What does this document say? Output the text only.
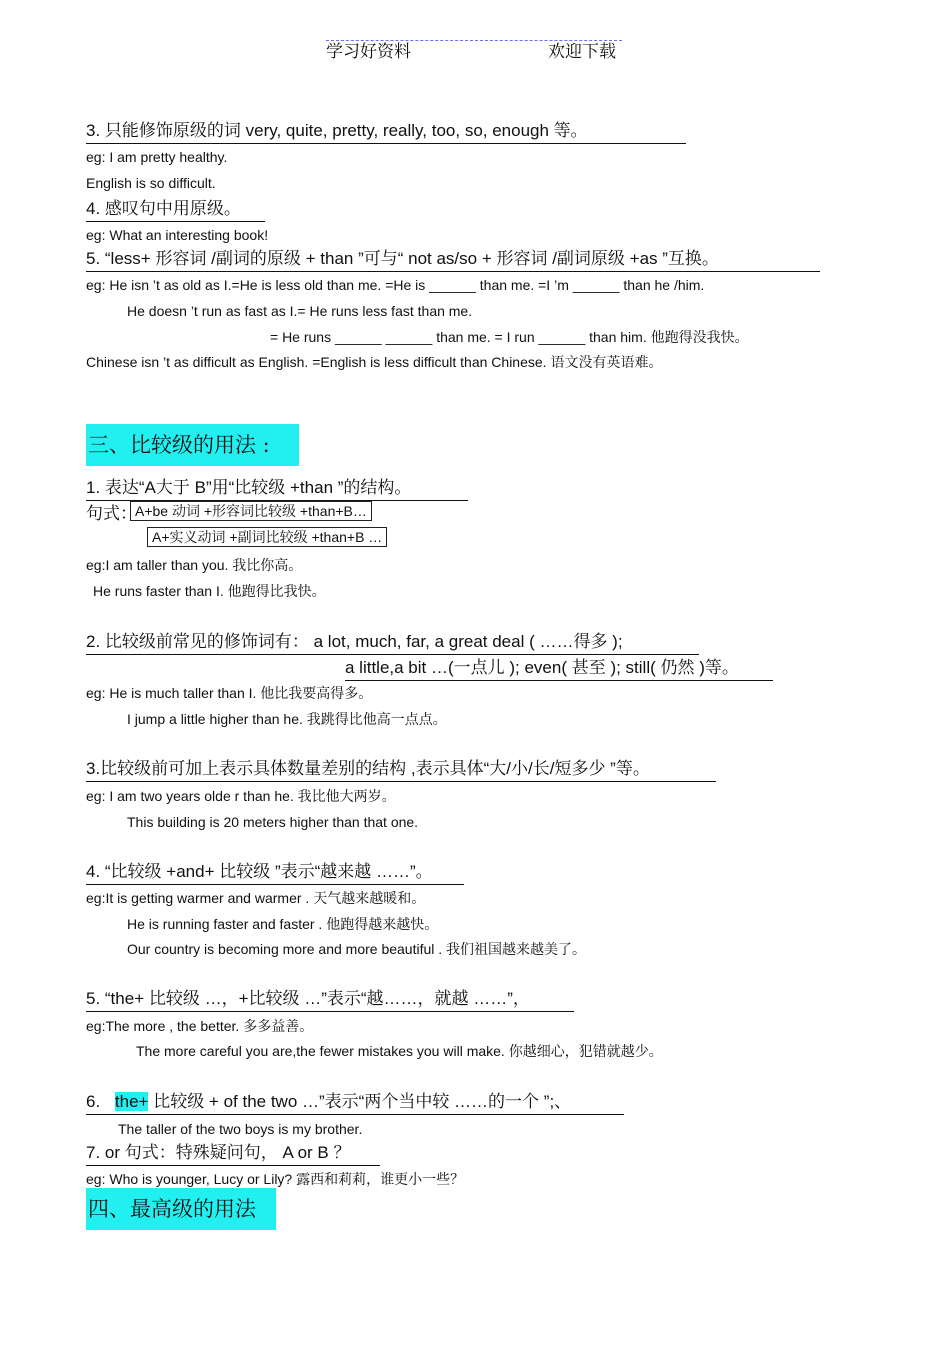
学习好资料	欢迎下载
3. 只能修饰原级的词 very, quite, pretty, really, too, so, enough 等。
eg: I am pretty healthy.
English is so difficult.
4. 感叹句中用原级。
eg: What an interesting book!
5. “less+ 形容词 /副词的原级 + than ”可与“ not as/so + 形容词 /副词原级 +as ”互换。
eg: He isn ’t as old as I.=He is less old than me. =He is ______ than me. =I ’m ______ than he /him.
He doesn ’t run as fast as I.= He runs less fast than me.
= He runs ______ ______ than me. = I run ______ than him. 他跑得没我快。
Chinese isn ’t as difficult as English. =English is less difficult than Chinese. 语文没有英语难。
1. 表达“A大于 B”用“比较级 +than ”的结构。
句式：
eg:I am taller than you. 我比你高。
He runs faster than I. 他跑得比我快。
2. 比较级前常见的修饰词有： a lot, much, far, a great deal ( ……得多 );
a little,a bit …(一点儿 ); even( 甚至 ); still( 仍然 )等。
eg: He is much taller than I. 他比我要高得多。
I jump a little higher than he. 我跳得比他高一点点。
3.比较级前可加上表示具体数量差别的结构 ,表示具体“大/小/长/短多少 ”等。
eg: I am two years olde r than he. 我比他大两岁。
This building is 20 meters higher than that one.
4. “比较级 +and+ 比较级 ”表示“越来越 ……”。
eg:It is getting warmer and warmer . 天气越来越暖和。
He is running faster and faster . 他跑得越来越快。
Our country is becoming more and more beautiful . 我们祖国越来越美了。
5. “the+ 比较级 …，+比较级 …”表示“越……，就越 ……”，
eg:The more , the better. 多多益善。
The more careful you are,the fewer mistakes you will make. 你越细心，犯错就越少。
The taller of the two boys is my brother.
7. or 句式：特殊疑问句， A or B ？
eg: Who is younger, Lucy or Lily? 露西和莉莉，谁更小一些？
三、比较级的用法 :
A+be 动词 +形容词比较级 +than+B…
A+实义动词 +副词比较级 +than+B …
6. the+ 比较级 + of the two …”表示“两个当中较 ……的一个 ”;、
四、最高级的用法
